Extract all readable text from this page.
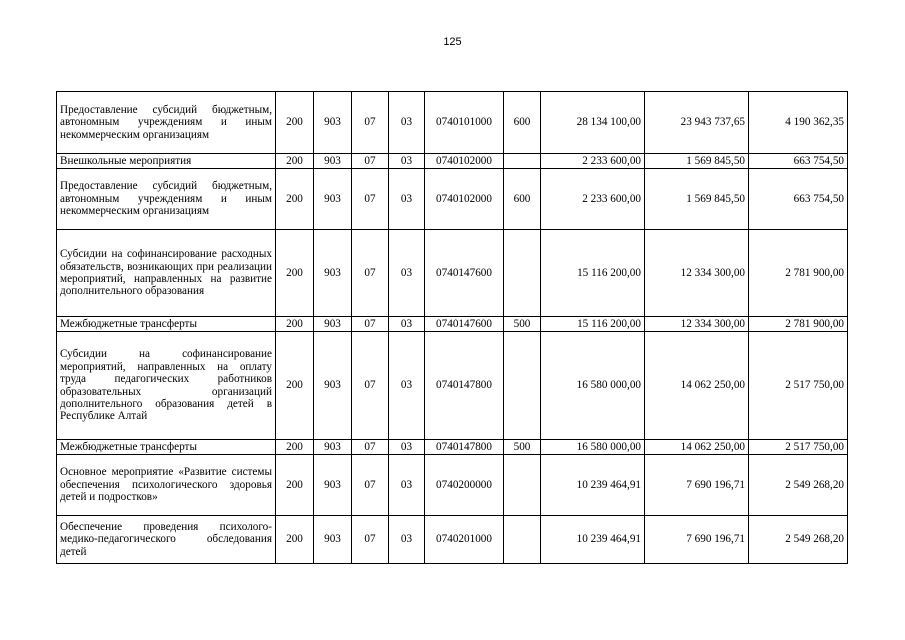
125
Предоставление субсидий бюджетным, автономным учреждениям и иным некоммерческим организациям	200	903	07	03	0740101000	600	28 134 100,00	23 943 737,65	4 190 362,35
Внешкольные мероприятия	200	903	07	03	0740102000		2 233 600,00	1 569 845,50	663 754,50
Предоставление субсидий бюджетным, автономным учреждениям и иным некоммерческим организациям	200	903	07	03	0740102000	600	2 233 600,00	1 569 845,50	663 754,50
Субсидии на софинансирование расходных обязательств, возникающих при реализации мероприятий, направленных на развитие дополнительного образования	200	903	07	03	0740147600		15 116 200,00	12 334 300,00	2 781 900,00
Межбюджетные трансферты	200	903	07	03	0740147600	500	15 116 200,00	12 334 300,00	2 781 900,00
Субсидии на софинансирование мероприятий, направленных на оплату труда педагогических работников образовательных организаций дополнительного образования детей в Республике Алтай	200	903	07	03	0740147800		16 580 000,00	14 062 250,00	2 517 750,00
Межбюджетные трансферты	200	903	07	03	0740147800	500	16 580 000,00	14 062 250,00	2 517 750,00
Основное мероприятие «Развитие системы обеспечения психологического здоровья детей и подростков»	200	903	07	03	0740200000		10 239 464,91	7 690 196,71	2 549 268,20
Обеспечение проведения психолого-медико-педагогического обследования детей	200	903	07	03	0740201000		10 239 464,91	7 690 196,71	2 549 268,20
